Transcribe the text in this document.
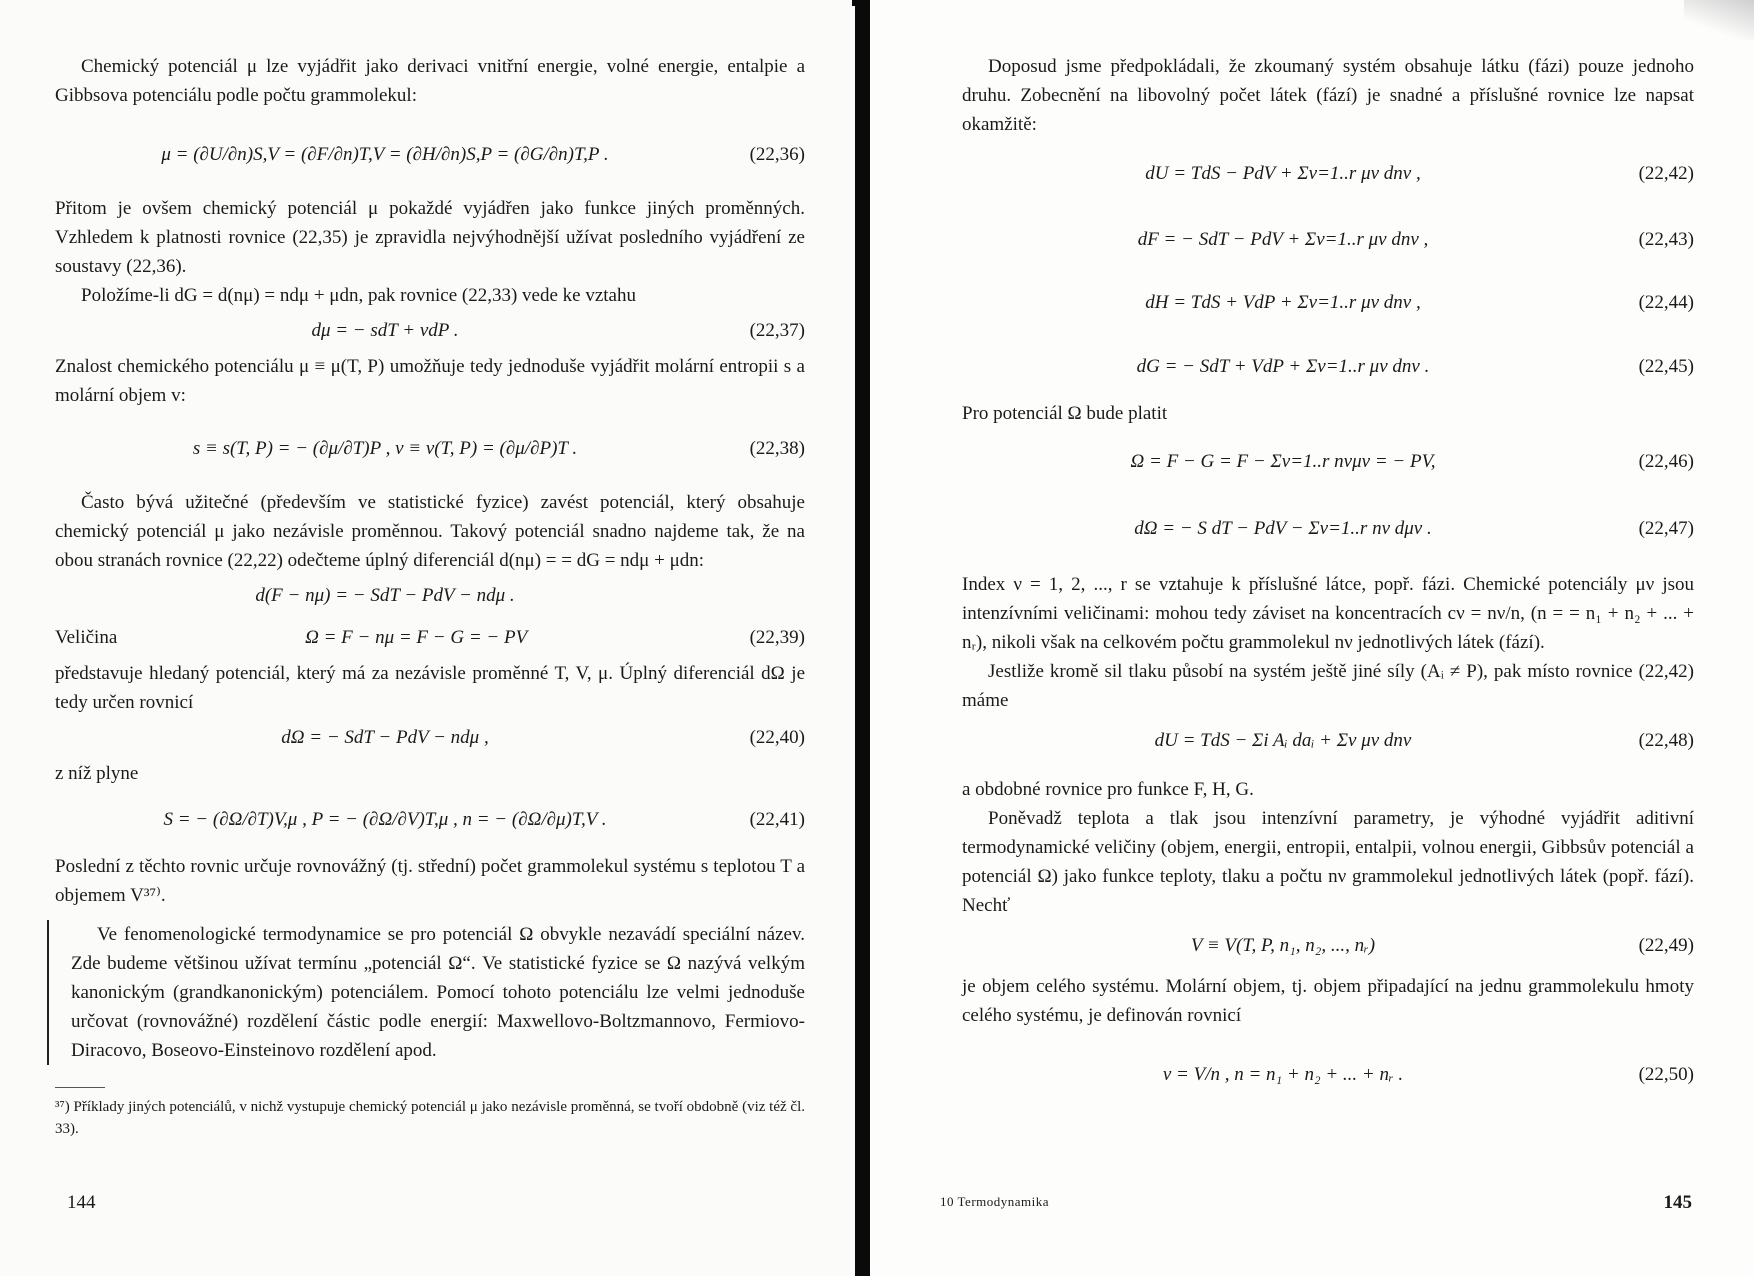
Chemický potenciál μ lze vyjádřit jako derivaci vnitřní energie, volné energie, entalpie a Gibbsova potenciálu podle počtu grammolekul:

μ = (∂U/∂n)S,V = (∂F/∂n)T,V = (∂H/∂n)S,P = (∂G/∂n)T,P .	(22,36)

Přitom je ovšem chemický potenciál μ pokaždé vyjádřen jako funkce jiných proměnných. Vzhledem k platnosti rovnice (22,35) je zpravidla nejvýhodnější užívat posledního vyjádření ze soustavy (22,36).

Položíme-li dG = d(nμ) = ndμ + μdn, pak rovnice (22,33) vede ke vztahu

dμ = − sdT + vdP .	(22,37)

Znalost chemického potenciálu μ ≡ μ(T, P) umožňuje tedy jednoduše vyjádřit molární entropii s a molární objem v:

s ≡ s(T, P) = − (∂μ/∂T)P , v ≡ v(T, P) = (∂μ/∂P)T .	(22,38)

Často bývá užitečné (především ve statistické fyzice) zavést potenciál, který obsahuje chemický potenciál μ jako nezávisle proměnnou. Takový potenciál snadno najdeme tak, že na obou stranách rovnice (22,22) odečteme úplný diferenciál d(nμ) = = dG = ndμ + μdn:

d(F − nμ) = − SdT − PdV − ndμ .
Veličina	Ω = F − nμ = F − G = − PV	(22,39)

představuje hledaný potenciál, který má za nezávisle proměnné T, V, μ. Úplný diferenciál dΩ je tedy určen rovnicí

dΩ = − SdT − PdV − ndμ ,	(22,40)

z níž plyne

S = − (∂Ω/∂T)V,μ , P = − (∂Ω/∂V)T,μ , n = − (∂Ω/∂μ)T,V .	(22,41)

Poslední z těchto rovnic určuje rovnovážný (tj. střední) počet grammolekul systému s teplotou T a objemem V³⁷⁾.

Ve fenomenologické termodynamice se pro potenciál Ω obvykle nezavádí speciální název. Zde budeme většinou užívat termínu „potenciál Ω“. Ve statistické fyzice se Ω nazývá velkým kanonickým (grandkanonickým) potenciálem. Pomocí tohoto potenciálu lze velmi jednoduše určovat (rovnovážné) rozdělení částic podle energií: Maxwellovo-Boltzmannovo, Fermiovo-Diracovo, Boseovo-Einsteinovo rozdělení apod.

³⁷) Příklady jiných potenciálů, v nichž vystupuje chemický potenciál μ jako nezávisle proměnná, se tvoří obdobně (viz též čl. 33).

144

Doposud jsme předpokládali, že zkoumaný systém obsahuje látku (fázi) pouze jednoho druhu. Zobecnění na libovolný počet látek (fází) je snadné a příslušné rovnice lze napsat okamžitě:

dU = TdS − PdV + Σν=1..r μν dnν ,	(22,42)
dF = − SdT − PdV + Σν=1..r μν dnν ,	(22,43)
dH = TdS + VdP + Σν=1..r μν dnν ,	(22,44)
dG = − SdT + VdP + Σν=1..r μν dnν .	(22,45)

Pro potenciál Ω bude platit

Ω = F − G = F − Σν=1..r nνμν = − PV,	(22,46)
dΩ = − S dT − PdV − Σν=1..r nν dμν .	(22,47)

Index ν = 1, 2, ..., r se vztahuje k příslušné látce, popř. fázi. Chemické potenciály μν jsou intenzívními veličinami: mohou tedy záviset na koncentracích cν = nν/n, (n = = n₁ + n₂ + ... + nᵣ), nikoli však na celkovém počtu grammolekul nν jednotlivých látek (fází).

Jestliže kromě sil tlaku působí na systém ještě jiné síly (Aᵢ ≠ P), pak místo rovnice (22,42) máme

dU = TdS − Σi Aᵢ daᵢ + Σν μν dnν	(22,48)

a obdobné rovnice pro funkce F, H, G.

Poněvadž teplota a tlak jsou intenzívní parametry, je výhodné vyjádřit aditivní termodynamické veličiny (objem, energii, entropii, entalpii, volnou energii, Gibbsův potenciál a potenciál Ω) jako funkce teploty, tlaku a počtu nν grammolekul jednotlivých látek (popř. fází). Nechť

V ≡ V(T, P, n₁, n₂, ..., nᵣ)	(22,49)

je objem celého systému. Molární objem, tj. objem připadající na jednu grammolekulu hmoty celého systému, je definován rovnicí

v = V/n , n = n₁ + n₂ + ... + nᵣ .	(22,50)
145
10 Termodynamika
